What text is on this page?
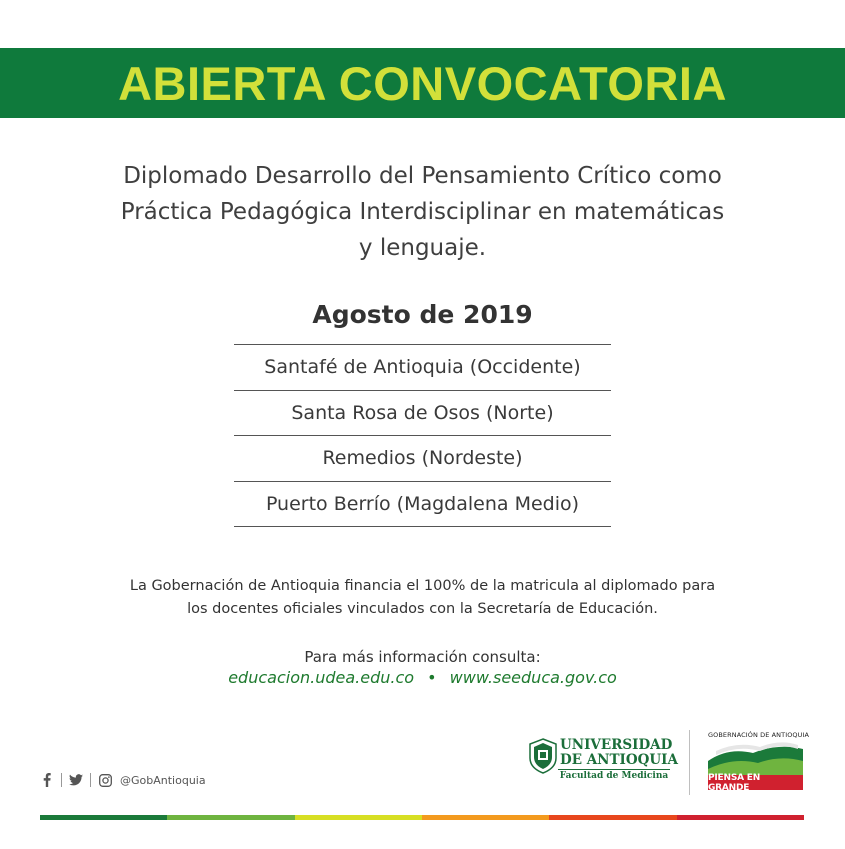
ABIERTA CONVOCATORIA
Diplomado Desarrollo del Pensamiento Crítico como
Práctica Pedagógica Interdisciplinar en matemáticas
y lenguaje.
Agosto de 2019
Santafé de Antioquia (Occidente)
Santa Rosa de Osos (Norte)
Remedios (Nordeste)
Puerto Berrío (Magdalena Medio)
La Gobernación de Antioquia financia el 100% de la matricula al diplomado para
los docentes oficiales vinculados con la Secretaría de Educación.
Para más información consulta:
educacion.udea.edu.co • www.seeduca.gov.co
@GobAntioquia
UNIVERSIDAD
DE ANTIOQUIA
Facultad de Medicina
GOBERNACIÓN DE ANTIOQUIA
PIENSA EN GRANDE
